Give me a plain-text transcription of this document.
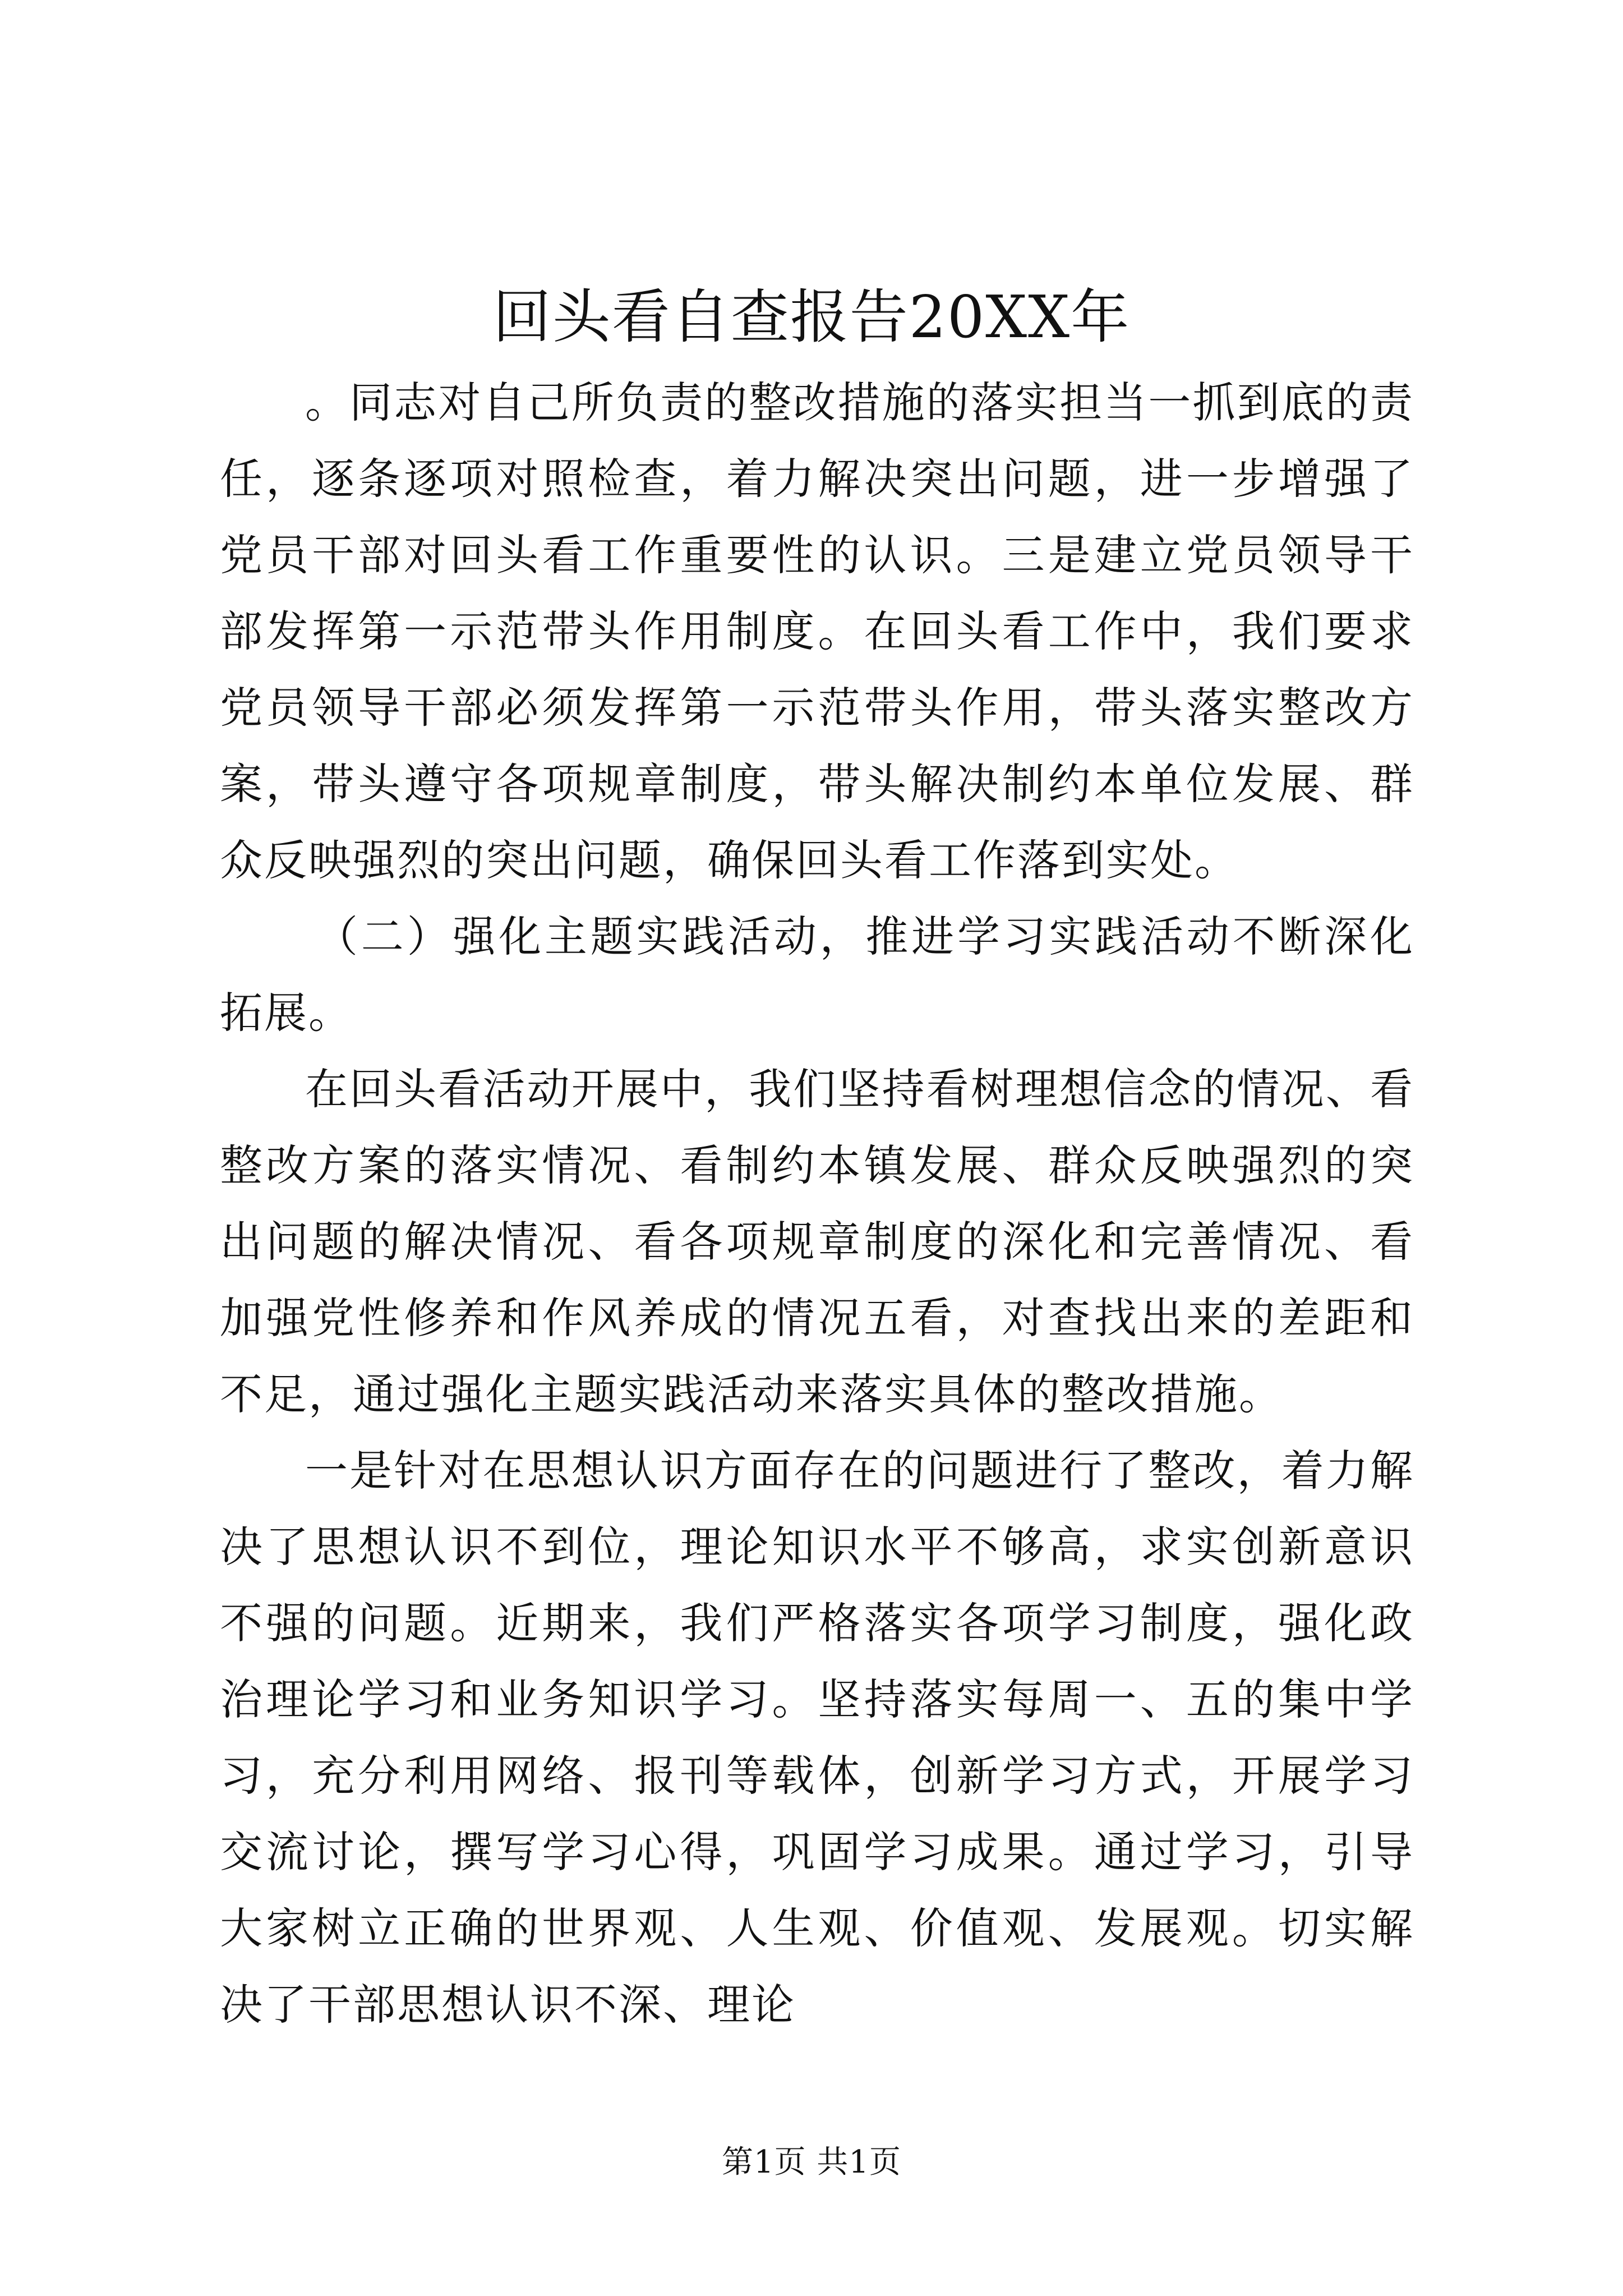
回头看自查报告20XX年

。同志对自己所负责的整改措施的落实担当一抓到底的责任，逐条逐项对照检查，着力解决突出问题，进一步增强了党员干部对回头看工作重要性的认识。三是建立党员领导干部发挥第一示范带头作用制度。在回头看工作中，我们要求党员领导干部必须发挥第一示范带头作用，带头落实整改方案，带头遵守各项规章制度，带头解决制约本单位发展、群众反映强烈的突出问题，确保回头看工作落到实处。

（二）强化主题实践活动，推进学习实践活动不断深化拓展。

在回头看活动开展中，我们坚持看树理想信念的情况、看整改方案的落实情况、看制约本镇发展、群众反映强烈的突出问题的解决情况、看各项规章制度的深化和完善情况、看加强党性修养和作风养成的情况五看，对查找出来的差距和不足，通过强化主题实践活动来落实具体的整改措施。

一是针对在思想认识方面存在的问题进行了整改，着力解决了思想认识不到位，理论知识水平不够高，求实创新意识不强的问题。近期来，我们严格落实各项学习制度，强化政治理论学习和业务知识学习。坚持落实每周一、五的集中学习，充分利用网络、报刊等载体，创新学习方式，开展学习交流讨论，撰写学习心得，巩固学习成果。通过学习，引导大家树立正确的世界观、人生观、价值观、发展观。切实解决了干部思想认识不深、理论

第1页 共1页
